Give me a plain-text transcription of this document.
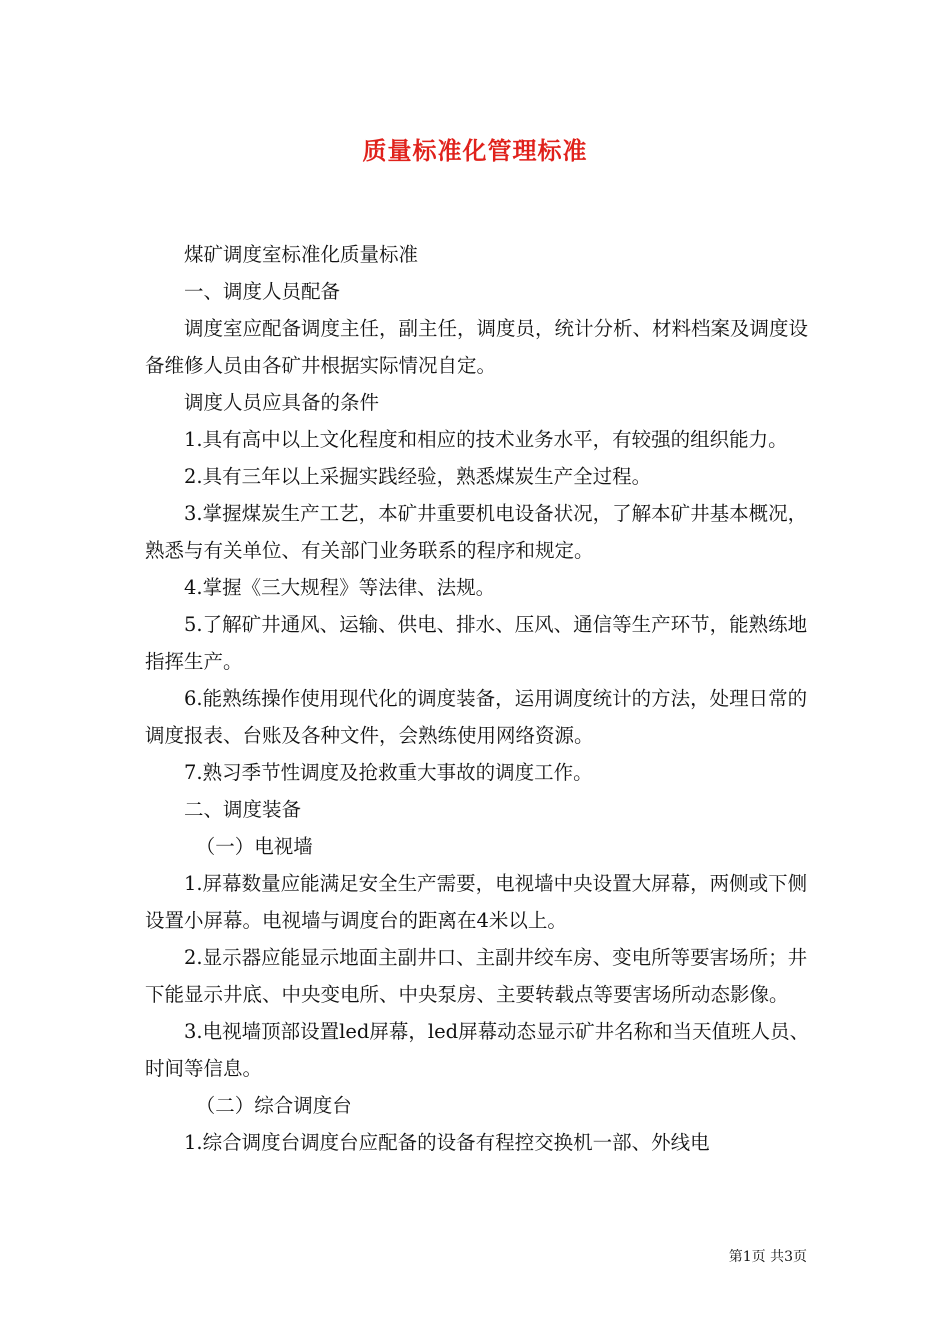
质量标准化管理标准

煤矿调度室标准化质量标准

一、调度人员配备

调度室应配备调度主任，副主任，调度员，统计分析、材料档案及调度设备维修人员由各矿井根据实际情况自定。

调度人员应具备的条件

1.具有高中以上文化程度和相应的技术业务水平，有较强的组织能力。

2.具有三年以上采掘实践经验，熟悉煤炭生产全过程。

3.掌握煤炭生产工艺，本矿井重要机电设备状况，了解本矿井基本概况，熟悉与有关单位、有关部门业务联系的程序和规定。

4.掌握《三大规程》等法律、法规。

5.了解矿井通风、运输、供电、排水、压风、通信等生产环节，能熟练地指挥生产。

6.能熟练操作使用现代化的调度装备，运用调度统计的方法，处理日常的调度报表、台账及各种文件，会熟练使用网络资源。

7.熟习季节性调度及抢救重大事故的调度工作。

二、调度装备

（一）电视墙

1.屏幕数量应能满足安全生产需要，电视墙中央设置大屏幕，两侧或下侧设置小屏幕。电视墙与调度台的距离在4米以上。

2.显示器应能显示地面主副井口、主副井绞车房、变电所等要害场所；井下能显示井底、中央变电所、中央泵房、主要转载点等要害场所动态影像。

3.电视墙顶部设置led屏幕，led屏幕动态显示矿井名称和当天值班人员、时间等信息。

（二）综合调度台

1.综合调度台调度台应配备的设备有程控交换机一部、外线电

第1页 共3页
